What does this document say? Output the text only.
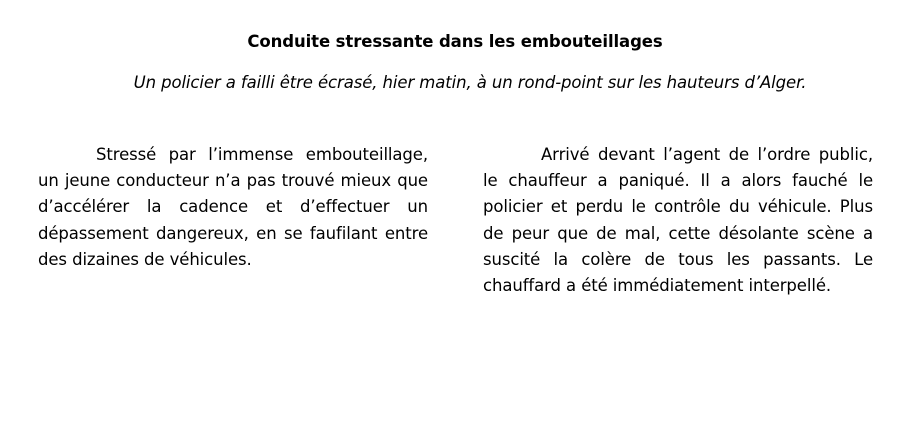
Conduite stressante dans les embouteillages
Un policier a failli être écrasé, hier matin, à un rond-point sur les hauteurs d’Alger.
Stressé par l’immense embouteillage, un jeune conducteur n’a pas trouvé mieux que d’accélérer la cadence et d’effectuer un dépassement dangereux, en se faufilant entre des dizaines de véhicules.
Arrivé devant l’agent de l’ordre public, le chauffeur a paniqué. Il a alors fauché le policier et perdu le contrôle du véhicule. Plus de peur que de mal, cette désolante scène a suscité la colère de tous les passants. Le chauffard a été immédiatement interpellé.
